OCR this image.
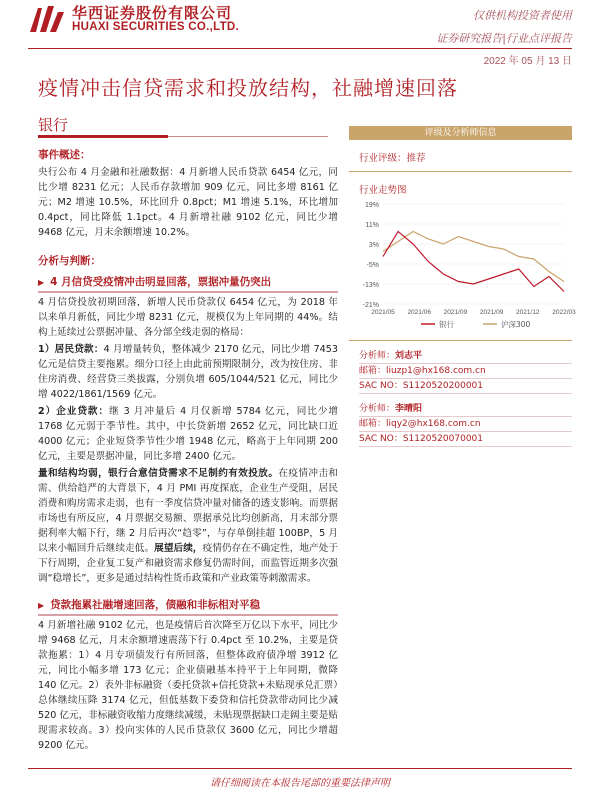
华西证券股份有限公司
HUAXI SECURITIES CO.,LTD.
仅供机构投资者使用
证券研究报告|行业点评报告
2022 年 05 月 13 日
疫情冲击信贷需求和投放结构，社融增速回落
银行
事件概述：
央行公布 4 月金融和社融数据：4 月新增人民币贷款 6454 亿元，同比少增 8231 亿元；人民币存款增加 909 亿元，同比多增 8161 亿元；M2 增速 10.5%，环比回升 0.8pct；M1 增速 5.1%，环比增加 0.4pct，同比降低 1.1pct。4 月新增社融 9102 亿元，同比少增 9468 亿元，月末余额增速 10.2%。
分析与判断：
▶ 4 月信贷受疫情冲击明显回落，票据冲量仍突出
4 月信贷投放初期回落，新增人民币贷款仅 6454 亿元，为 2018 年以来单月新低，同比少增 8231 亿元，规模仅为上年同期的 44%。结构上延续过公票据冲量、各分部全线走弱的格局：
1）居民贷款：4 月增量转负，整体减少 2170 亿元，同比少增 7453 亿元是信贷主要拖累。细分口径上由此前预期限制分，改为按住房、非住房消费、经营贷三类拔露，分别负增 605/1044/521 亿元，同比少增 4022/1861/1569 亿元。
2）企业贷款：继 3 月冲量后 4 月仅新增 5784 亿元，同比少增 1768 亿元弱于季节性。其中，中长贷新增 2652 亿元，同比缺口近 4000 亿元；企业短贷季节性少增 1948 亿元，略高于上年同期 200 亿元，主要是票据冲量，同比多增 2400 亿元。
量和结构均弱，银行合意信贷需求不足制约有效投放。在疫情冲击和需、供给趋严的大背景下，4 月 PMI 再度探底，企业生产受阻，居民消费和购房需求走弱，也有一季度信贷冲量对储备的透支影响。而票据市场也有所反应，4 月票据交易额、票据承兑比均创新高，月末部分票据利率大幅下行，继 2 月后再次“趋零”，与存单倒挂超 100BP，5 月以来小幅回升后继续走低。展望后续，疫情仍存在不确定性，地产处于下行周期，企业复工复产和融资需求修复仍需时间，而监管近期多次强调“稳增长”，更多是通过结构性货币政策和产业政策等刺激需求。
▶ 贷款拖累社融增速回落，债融和非标相对平稳
4 月新增社融 9102 亿元，也是疫情后首次降至万亿以下水平，同比少增 9468 亿元，月末余额增速震荡下行 0.4pct 至 10.2%，主要是贷款拖累：1）4 月专项债发行有所回落，但整体政府债净增 3912 亿元，同比小幅多增 173 亿元；企业债融基本持平于上年同期，微降 140 亿元。2）表外非标融资（委托贷款+信托贷款+未贴现承兑汇票）总体继续压降 3174 亿元，但低基数下委贷和信托贷款带动同比少减 520 亿元，非标融资收缩力度继续减缓，未贴现票据缺口走阔主要是贴现需求较高。3）投向实体的人民币贷款仅 3600 亿元，同比少增超 9200 亿元。
评级及分析师信息
行业评级：推荐
行业走势图
19%
11%
3%
-5%
-13%
-21%
2021/05 2021/06 2021/09 2021/09 2021/12 2022/03
银行	沪深300
分析师：刘志平
邮箱：liuzp1@hx168.com.cn
SAC NO：S1120520200001
分析师：李晴阳
邮箱：liqy2@hx168.com.cn
SAC NO：S1120520070001
请仔细阅读在本报告尾部的重要法律声明
